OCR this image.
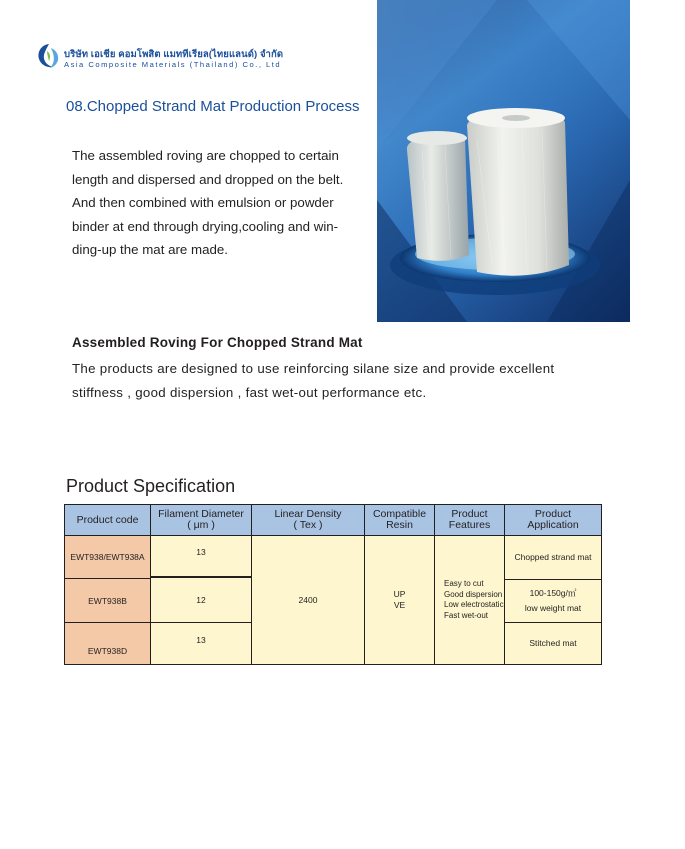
บริษัท เอเชีย คอมโพสิต แมททีเรียล(ไทยแลนด์) จำกัด
Asia Composite Materials (Thailand) Co., Ltd
08.Chopped Strand Mat Production Process

The assembled roving are chopped to certain

length and dispersed and dropped on the belt.

And then combined with emulsion or powder

binder at end through drying,cooling and win-

ding-up the mat are made.

Assembled Roving For Chopped Strand Mat

The products are designed to use reinforcing silane size and provide excellent

stiffness , good dispersion , fast wet-out performance etc.

Product Specification
Product code Filament Diameter
( μm )
Linear Density
( Tex )
Compatible
Resin
Product
Features
Product
Application
EWT938/EWT938A
EWT938B
EWT938D
13
12
13
2400
UP
VE
Easy to cut
Good dispersion
Low electrostatic
Fast wet-out
Chopped strand mat
100-150g/㎡
low weight mat
Stitched mat
